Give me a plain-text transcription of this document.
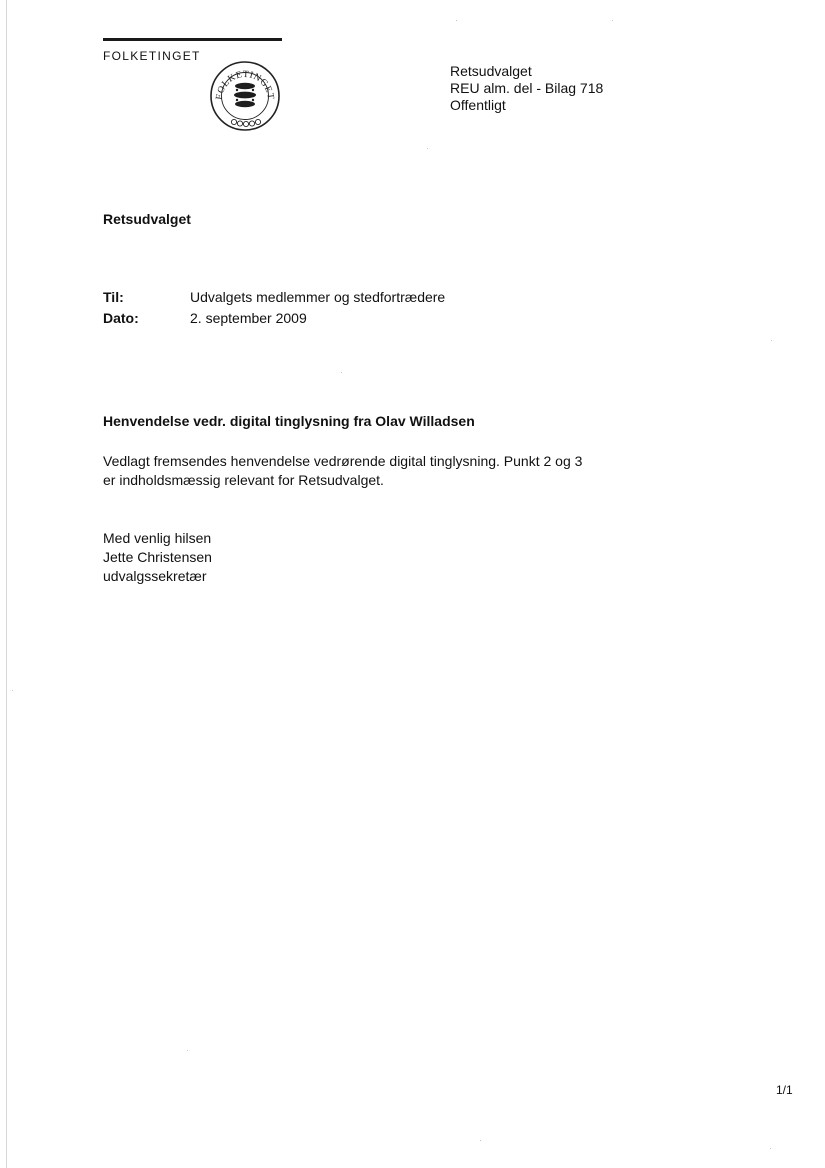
FOLKETINGET
FOLKETINGET
Retsudvalget
REU alm. del - Bilag 718
Offentligt
Retsudvalget
Til:	Udvalgets medlemmer og stedfortrædere
Dato:	2. september 2009
Henvendelse vedr. digital tinglysning fra Olav Willadsen
Vedlagt fremsendes henvendelse vedrørende digital tinglysning. Punkt 2 og 3
er indholdsmæssig relevant for Retsudvalget.
Med venlig hilsen
Jette Christensen
udvalgssekretær
1/1
